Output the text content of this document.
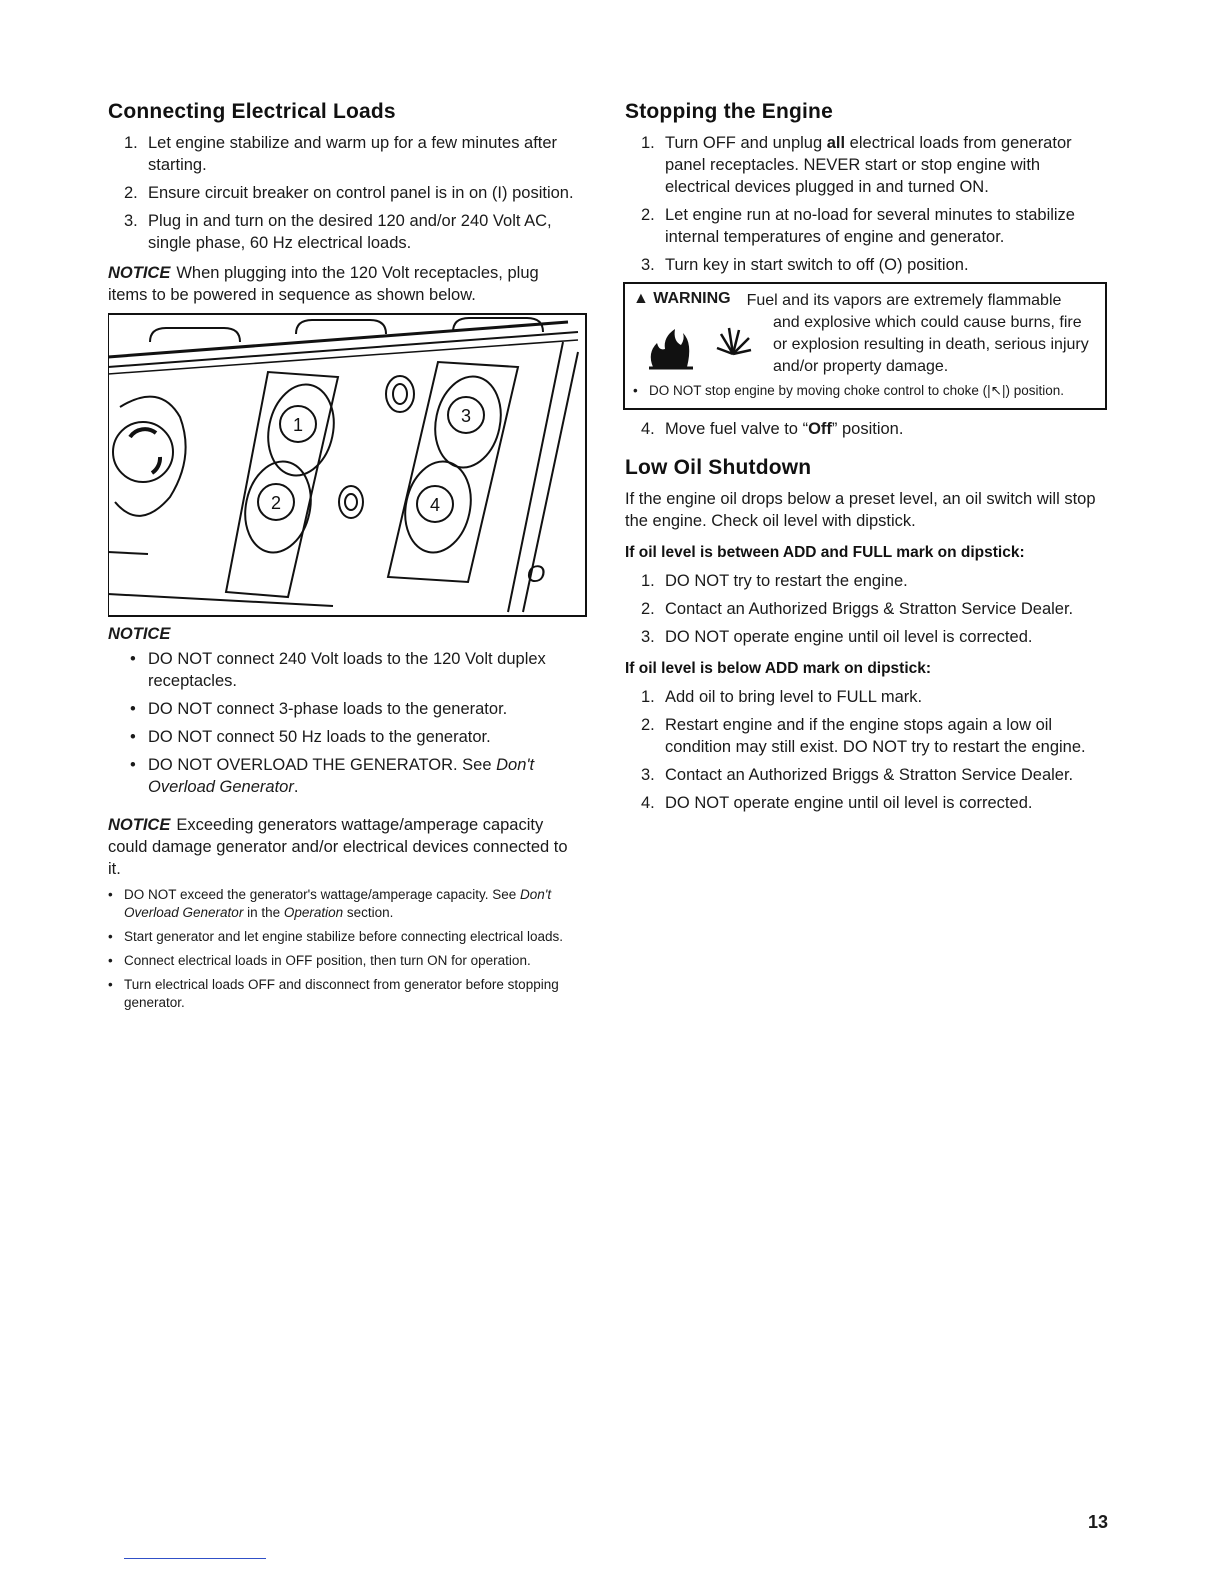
Connecting Electrical Loads
1. Let engine stabilize and warm up for a few minutes after starting.
2. Ensure circuit breaker on control panel is in on (I) position.
3. Plug in and turn on the desired 120 and/or 240 Volt AC, single phase, 60 Hz electrical loads.

NOTICE When plugging into the 120 Volt receptacles, plug items to be powered in sequence as shown below.

1
2
3
4
O
NOTICE
• DO NOT connect 240 Volt loads to the 120 Volt duplex receptacles.
• DO NOT connect 3-phase loads to the generator.
• DO NOT connect 50 Hz loads to the generator.
• DO NOT OVERLOAD THE GENERATOR. See Don't Overload Generator.

NOTICE Exceeding generators wattage/amperage capacity could damage generator and/or electrical devices connected to it.

• DO NOT exceed the generator's wattage/amperage capacity. See Don't Overload Generator in the Operation section.
• Start generator and let engine stabilize before connecting electrical loads.
• Connect electrical loads in OFF position, then turn ON for operation.
• Turn electrical loads OFF and disconnect from generator before stopping generator.
Stopping the Engine
1. Turn OFF and unplug all electrical loads from generator panel receptacles. NEVER start or stop engine with electrical devices plugged in and turned ON.
2. Let engine run at no-load for several minutes to stabilize internal temperatures of engine and generator.
3. Turn key in start switch to off (O) position.
▲ WARNING Fuel and its vapors are extremely flammable
and explosive which could cause burns, fire or explosion resulting in death, serious injury and/or property damage.
• DO NOT stop engine by moving choke control to choke (|↖|) position.
4. Move fuel valve to “Off” position.
Low Oil Shutdown

If the engine oil drops below a preset level, an oil switch will stop the engine. Check oil level with dipstick.

If oil level is between ADD and FULL mark on dipstick:
1. DO NOT try to restart the engine.
2. Contact an Authorized Briggs & Stratton Service Dealer.
3. DO NOT operate engine until oil level is corrected.
If oil level is below ADD mark on dipstick:
1. Add oil to bring level to FULL mark.
2. Restart engine and if the engine stops again a low oil condition may still exist. DO NOT try to restart the engine.
3. Contact an Authorized Briggs & Stratton Service Dealer.
4. DO NOT operate engine until oil level is corrected.
13
